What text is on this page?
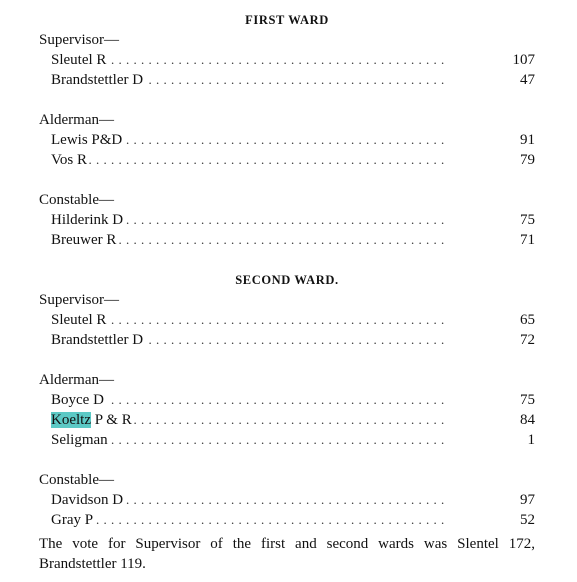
FIRST WARD
Supervisor—
. . .
Sleutel R	107
. . .
Brandstettler D	47
Alderman—
. . .
Lewis P&D	91
. . .
Vos R	79
Constable—
. . .
Hilderink D	75
. . .
Breuwer R	71
SECOND WARD.
Supervisor—
. . .
Sleutel R	65
. . .
Brandstettler D	72
Alderman—
. . .
Boyce D	75
. . .
Koeltz P & R	84
. . .
Seligman	1
Constable—
. . .
Davidson D	97
. . .
Gray P	52
The vote for Supervisor of the first and second wards was Slentel 172, Brandstettler 119.
